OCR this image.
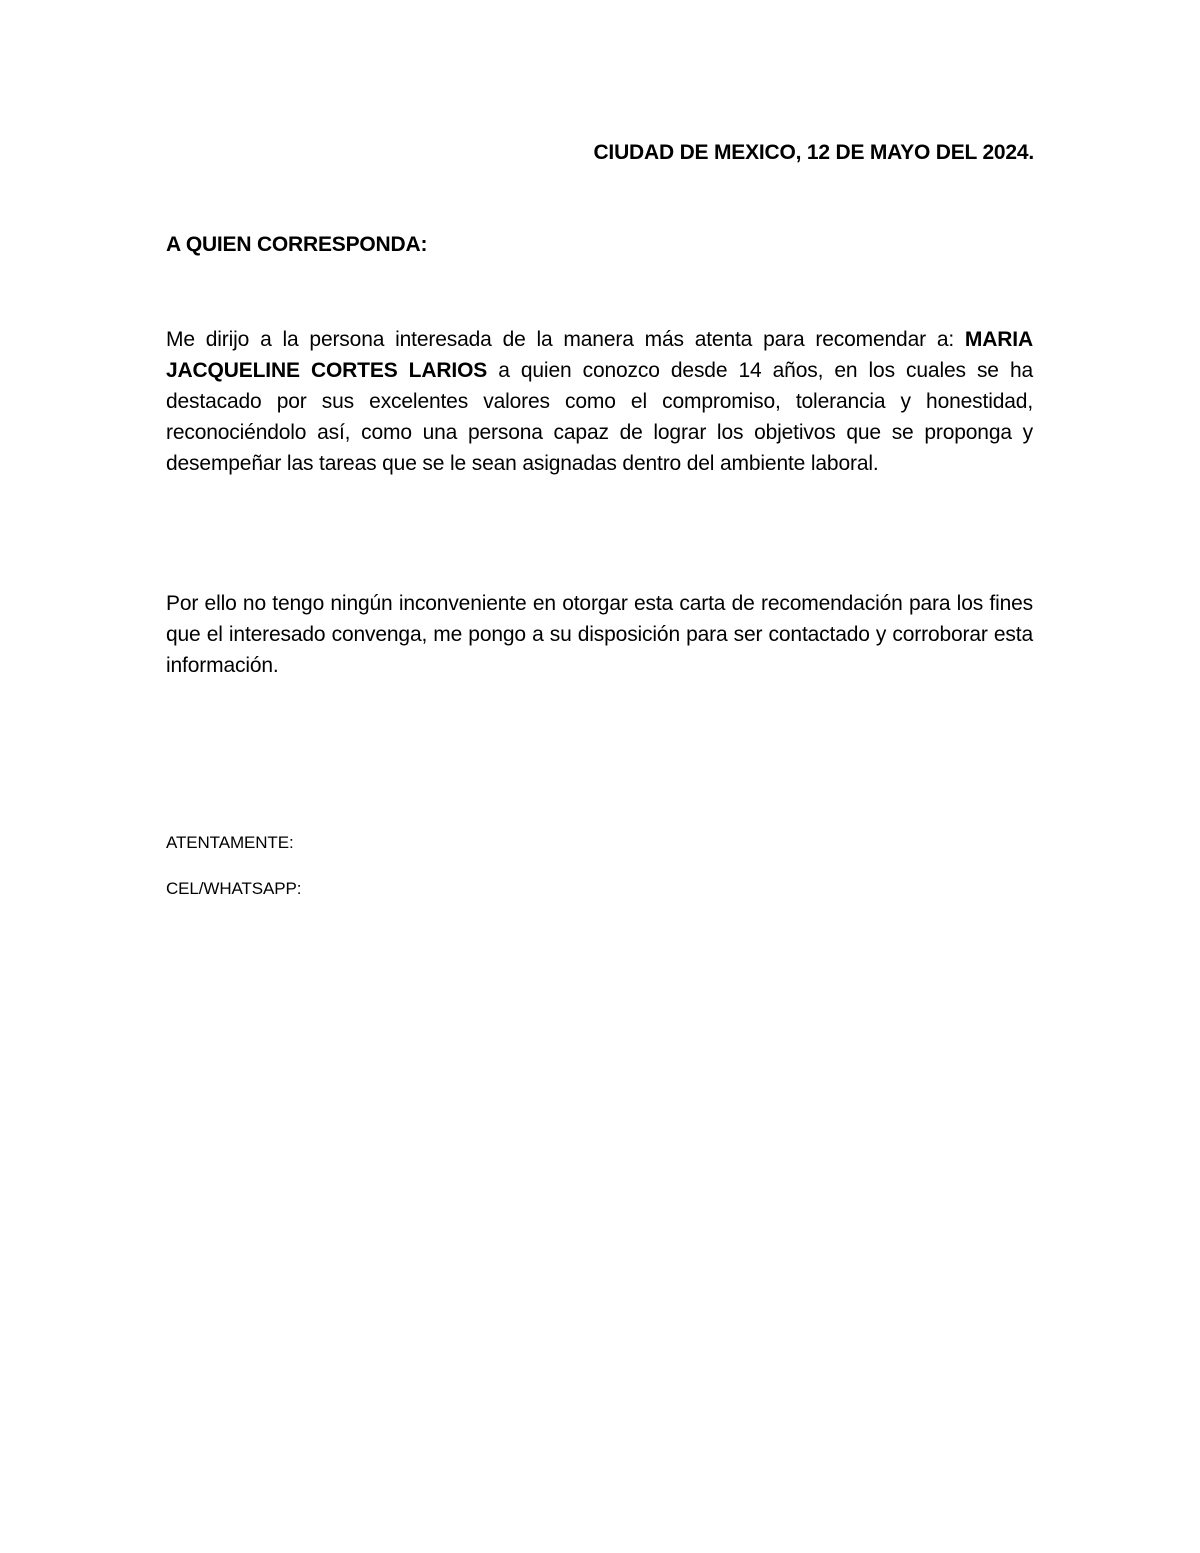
CIUDAD DE MEXICO, 12 DE MAYO DEL 2024.
A QUIEN CORRESPONDA:

Me dirijo a la persona interesada de la manera más atenta para recomendar a: MARIA JACQUELINE CORTES LARIOS a quien conozco desde 14 años, en los cuales se ha destacado por sus excelentes valores como el compromiso, tolerancia y honestidad, reconociéndolo así, como una persona capaz de lograr los objetivos que se proponga y desempeñar las tareas que se le sean asignadas dentro del ambiente laboral.

Por ello no tengo ningún inconveniente en otorgar esta carta de recomendación para los fines que el interesado convenga, me pongo a su disposición para ser contactado y corroborar esta información.

ATENTAMENTE:
CEL/WHATSAPP:
